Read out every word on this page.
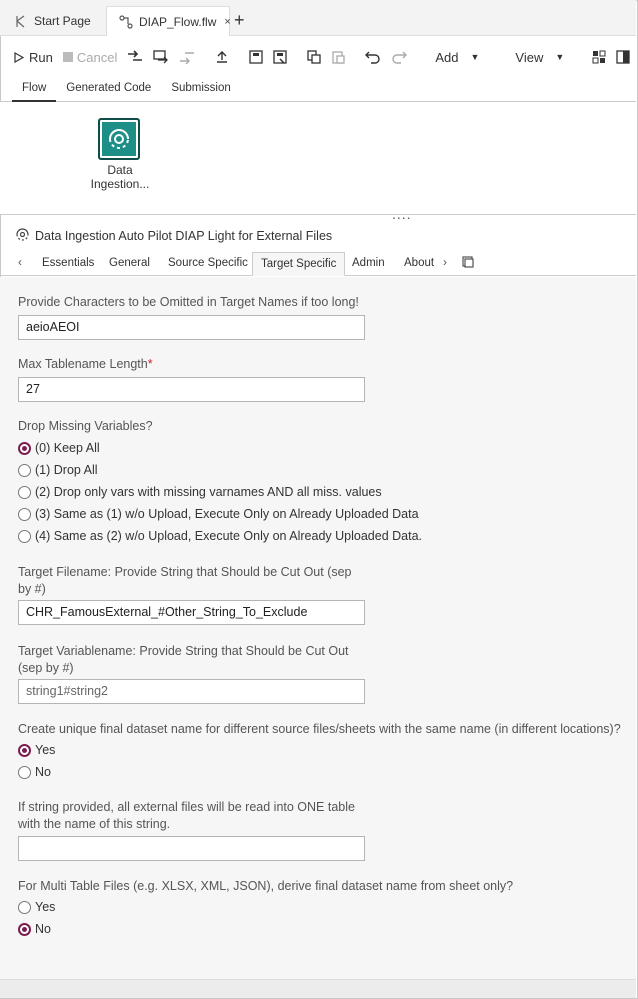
Start Page	DIAP_Flow.flw × +
Run Cancel	Add ▼	View ▼
Flow	Generated Code	Submission
Data
Ingestion...
....
Data Ingestion Auto Pilot DIAP Light for External Files
‹	Essentials	General	Source Specific	Target Specific	Admin	About ›
Provide Characters to be Omitted in Target Names if too long!
aeioAEOI
Max Tablename Length*
27
Drop Missing Variables?
(0) Keep All
(1) Drop All
(2) Drop only vars with missing varnames AND all miss. values
(3) Same as (1) w/o Upload, Execute Only on Already Uploaded Data
(4) Same as (2) w/o Upload, Execute Only on Already Uploaded Data.
Target Filename: Provide String that Should be Cut Out (sep
by #)
CHR_FamousExternal_#Other_String_To_Exclude
Target Variablename: Provide String that Should be Cut Out
(sep by #)
string1#string2
Create unique final dataset name for different source files/sheets with the same name (in different locations)?
Yes
No
If string provided, all external files will be read into ONE table
with the name of this string.
For Multi Table Files (e.g. XLSX, XML, JSON), derive final dataset name from sheet only?
Yes
No
